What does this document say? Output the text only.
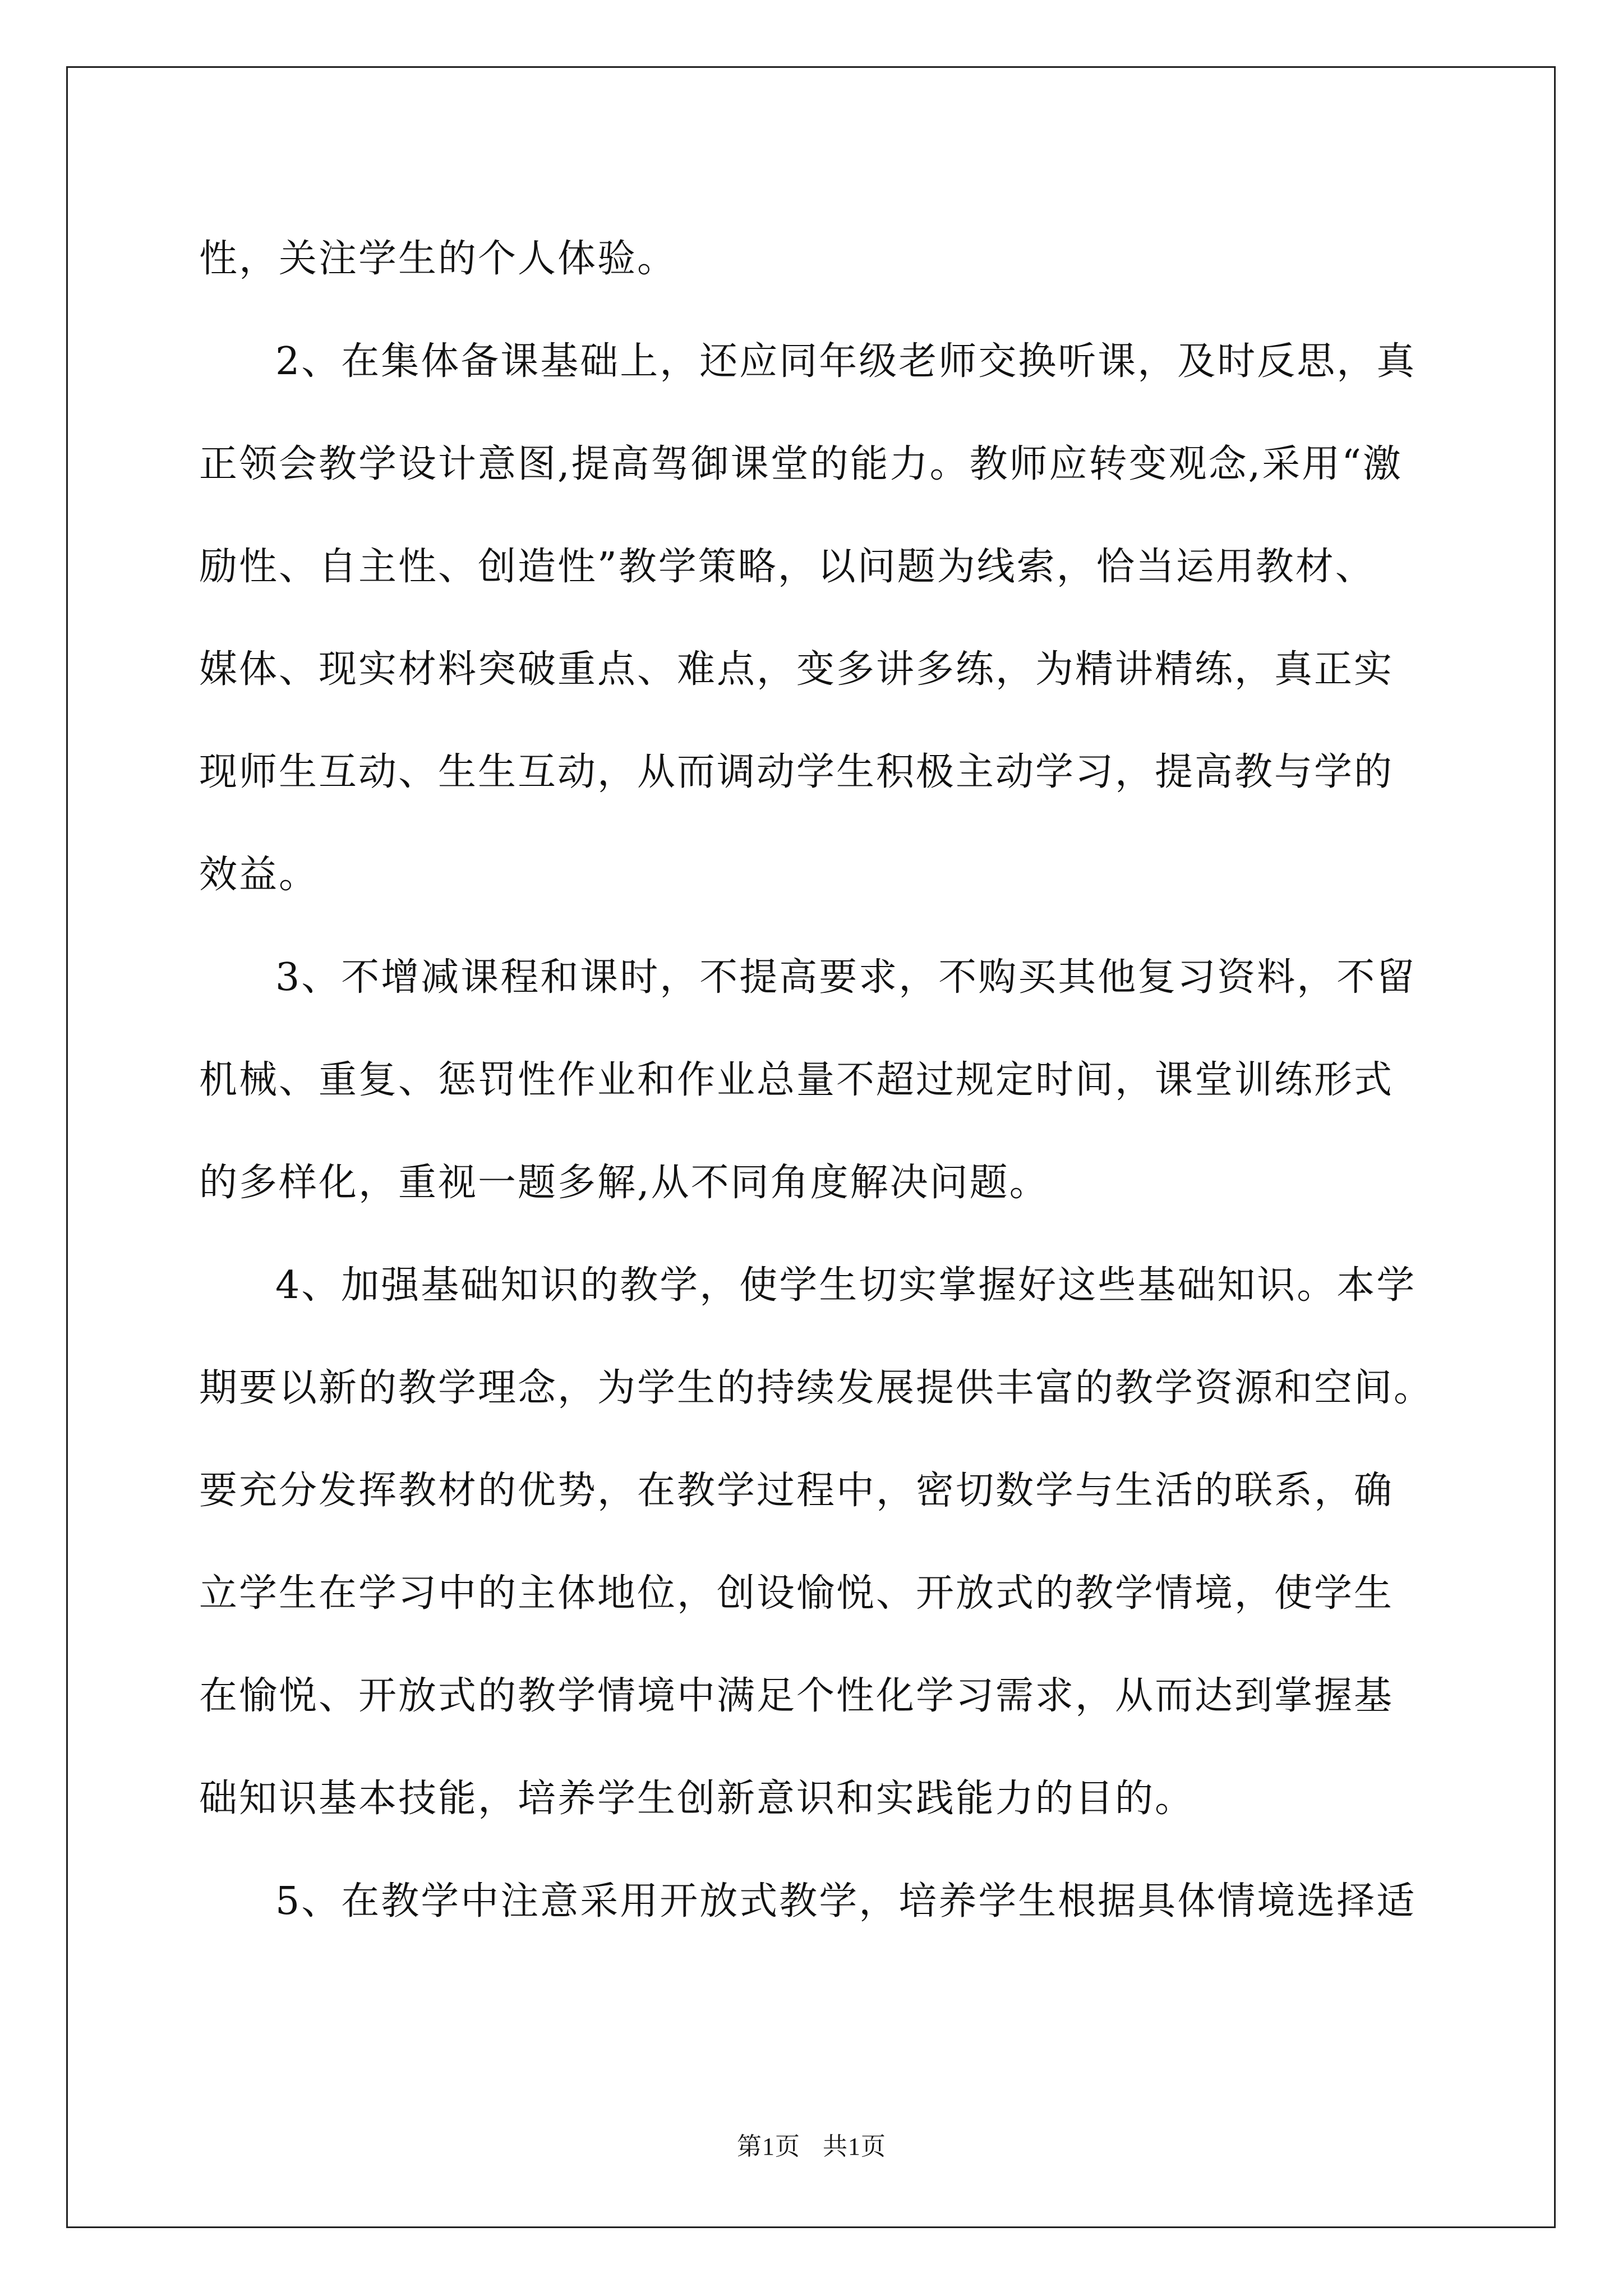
性，关注学生的个人体验。
2、在集体备课基础上，还应同年级老师交换听课，及时反思，真
正领会教学设计意图,提高驾御课堂的能力。教师应转变观念,采用“激
励性、自主性、创造性”教学策略，以问题为线索，恰当运用教材、
媒体、现实材料突破重点、难点，变多讲多练，为精讲精练，真正实
现师生互动、生生互动，从而调动学生积极主动学习，提高教与学的
效益。
3、不增减课程和课时，不提高要求，不购买其他复习资料，不留
机械、重复、惩罚性作业和作业总量不超过规定时间，课堂训练形式
的多样化，重视一题多解,从不同角度解决问题。
4、加强基础知识的教学，使学生切实掌握好这些基础知识。本学
期要以新的教学理念，为学生的持续发展提供丰富的教学资源和空间。
要充分发挥教材的优势，在教学过程中，密切数学与生活的联系，确
立学生在学习中的主体地位，创设愉悦、开放式的教学情境，使学生
在愉悦、开放式的教学情境中满足个性化学习需求，从而达到掌握基
础知识基本技能，培养学生创新意识和实践能力的目的。
5、在教学中注意采用开放式教学，培养学生根据具体情境选择适
第1页 共1页
